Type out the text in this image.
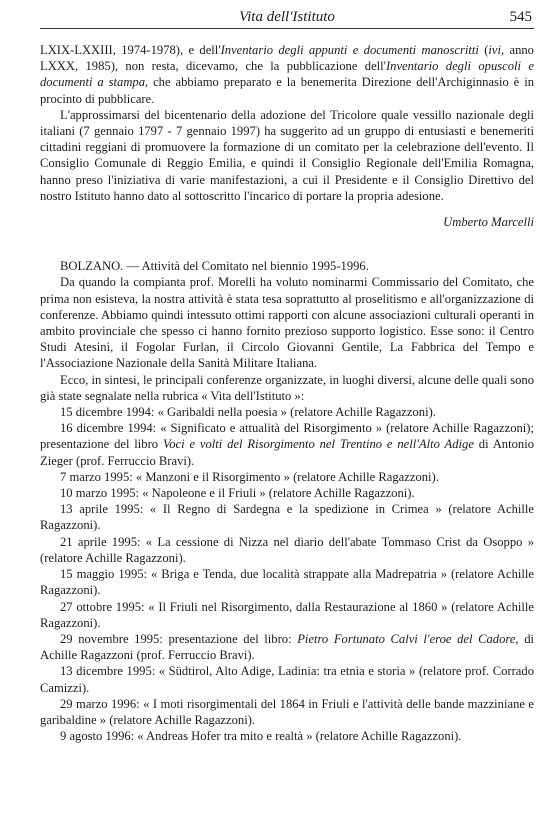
Vita dell'Istituto	545

LXIX-LXXIII, 1974-1978), e dell'Inventario degli appunti e documenti manoscritti (ivi, anno LXXX, 1985), non resta, dicevamo, che la pubblicazione dell'Inventario degli opuscoli e documenti a stampa, che abbiamo preparato e la benemerita Direzione dell'Archiginnasio è in procinto di pubblicare.

L'approssimarsi del bicentenario della adozione del Tricolore quale vessillo nazionale degli italiani (7 gennaio 1797 - 7 gennaio 1997) ha suggerito ad un gruppo di entusiasti e benemeriti cittadini reggiani di promuovere la formazione di un comitato per la celebrazione dell'evento. Il Consiglio Comunale di Reggio Emilia, e quindi il Consiglio Regionale dell'Emilia Romagna, hanno preso l'iniziativa di varie manifestazioni, a cui il Presidente e il Consiglio Direttivo del nostro Istituto hanno dato al sottoscritto l'incarico di portare la propria adesione.

Umberto Marcelli

BOLZANO. — Attività del Comitato nel biennio 1995-1996.

Da quando la compianta prof. Morelli ha voluto nominarmi Commissario del Comitato, che prima non esisteva, la nostra attività è stata tesa soprattutto al proselitismo e all'organizzazione di conferenze. Abbiamo quindi intessuto ottimi rapporti con alcune associazioni culturali operanti in ambito provinciale che spesso ci hanno fornito prezioso supporto logistico. Esse sono: il Centro Studi Atesini, il Fogolar Furlan, il Circolo Giovanni Gentile, La Fabbrica del Tempo e l'Associazione Nazionale della Sanità Militare Italiana.

Ecco, in sintesi, le principali conferenze organizzate, in luoghi diversi, alcune delle quali sono già state segnalate nella rubrica « Vita dell'Istituto »:

15 dicembre 1994: « Garibaldi nella poesia » (relatore Achille Ragazzoni).

16 dicembre 1994: « Significato e attualità del Risorgimento » (relatore Achille Ragazzoni); presentazione del libro Voci e volti del Risorgimento nel Trentino e nell'Alto Adige di Antonio Zieger (prof. Ferruccio Bravi).

7 marzo 1995: « Manzoni e il Risorgimento » (relatore Achille Ragazzoni).

10 marzo 1995: « Napoleone e il Friuli » (relatore Achille Ragazzoni).

13 aprile 1995: « Il Regno di Sardegna e la spedizione in Crimea » (relatore Achille Ragazzoni).

21 aprile 1995: « La cessione di Nizza nel diario dell'abate Tommaso Crist da Osoppo » (relatore Achille Ragazzoni).

15 maggio 1995: « Briga e Tenda, due località strappate alla Madrepatria » (relatore Achille Ragazzoni).

27 ottobre 1995: « Il Friuli nel Risorgimento, dalla Restaurazione al 1860 » (relatore Achille Ragazzoni).

29 novembre 1995: presentazione del libro: Pietro Fortunato Calvi l'eroe del Cadore, di Achille Ragazzoni (prof. Ferruccio Bravi).

13 dicembre 1995: « Südtirol, Alto Adige, Ladinia: tra etnia e storia » (relatore prof. Corrado Camizzi).

29 marzo 1996: « I moti risorgimentali del 1864 in Friuli e l'attività delle bande mazziniane e garibaldine » (relatore Achille Ragazzoni).

9 agosto 1996: « Andreas Hofer tra mito e realtà » (relatore Achille Ragazzoni).
